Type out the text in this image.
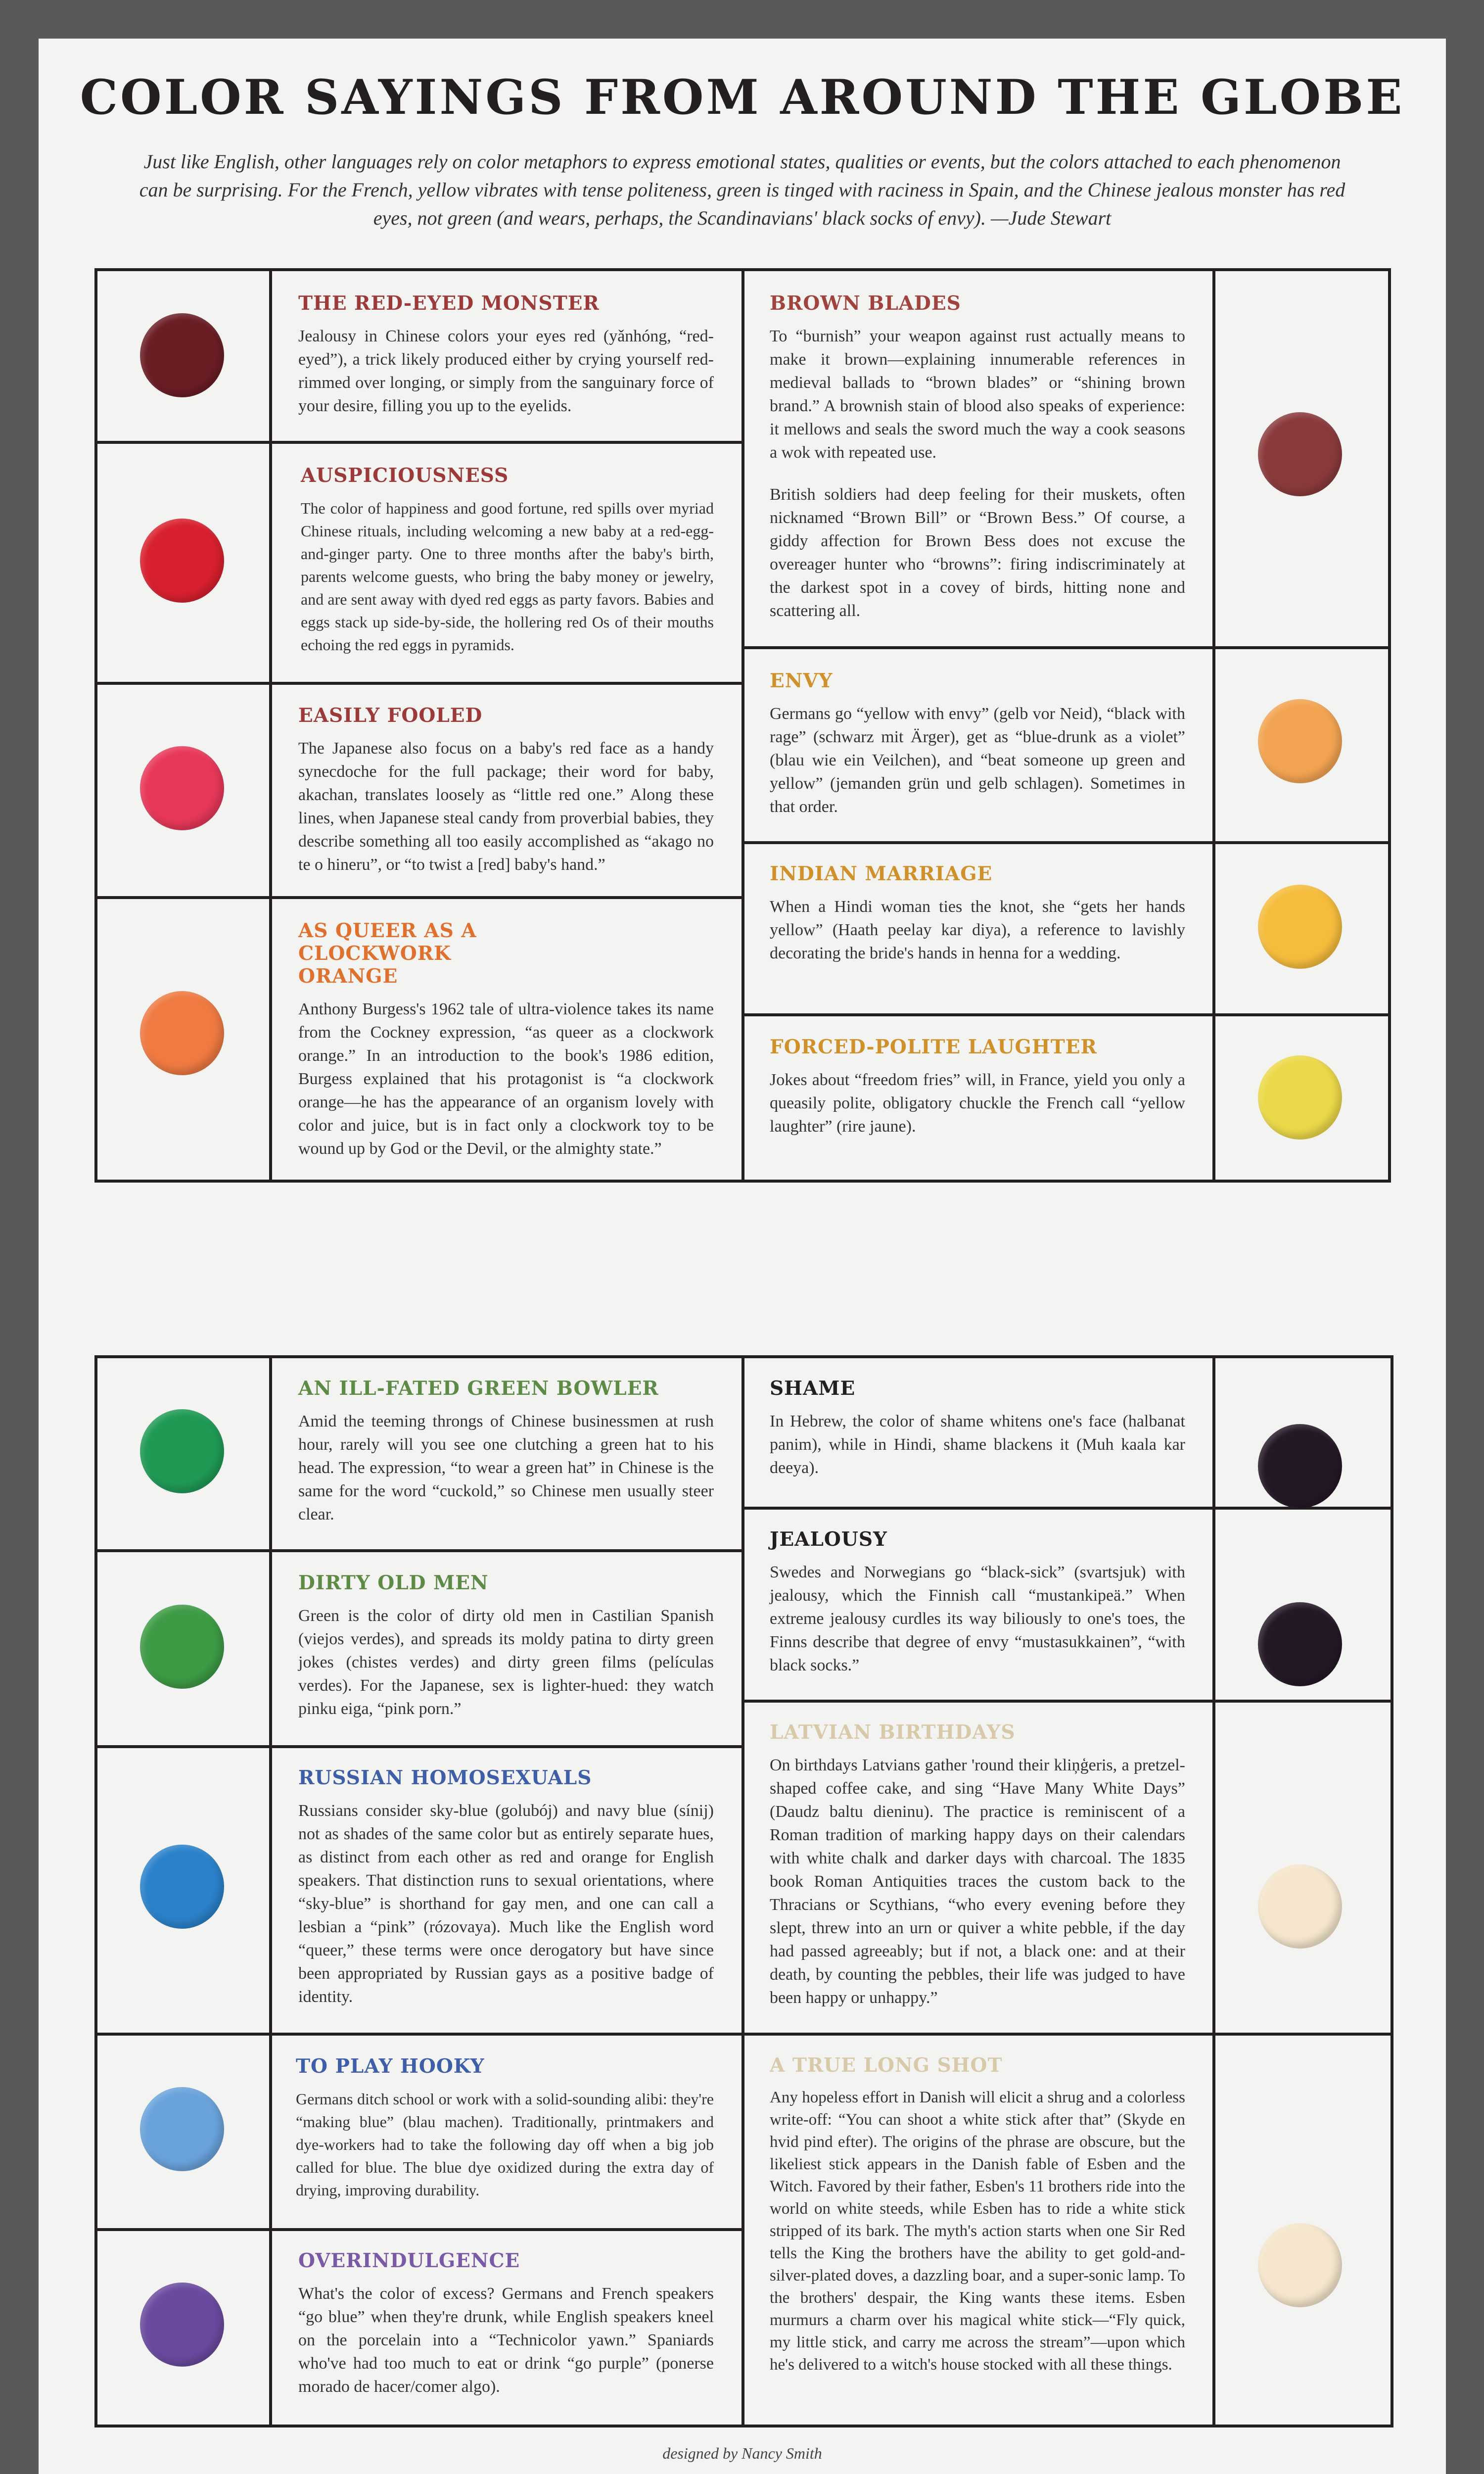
COLOR SAYINGS FROM AROUND THE GLOBE

Just like English, other languages rely on color metaphors to express emotional states, qualities or events, but the colors attached to each phenomenon can be surprising. For the French, yellow vibrates with tense politeness, green is tinged with raciness in Spain, and the Chinese jealous monster has red eyes, not green (and wears, perhaps, the Scandinavians' black socks of envy). —Jude Stewart

THE RED-EYED MONSTER

Jealousy in Chinese colors your eyes red (yǎnhóng, “red-eyed”), a trick likely produced either by crying yourself red-rimmed over longing, or simply from the sanguinary force of your desire, filling you up to the eyelids.

AUSPICIOUSNESS

The color of happiness and good fortune, red spills over myriad Chinese rituals, including welcoming a new baby at a red-egg-and-ginger party. One to three months after the baby's birth, parents welcome guests, who bring the baby money or jewelry, and are sent away with dyed red eggs as party favors. Babies and eggs stack up side-by-side, the hollering red Os of their mouths echoing the red eggs in pyramids.

EASILY FOOLED

The Japanese also focus on a baby's red face as a handy synecdoche for the full package; their word for baby, akachan, translates loosely as “little red one.” Along these lines, when Japanese steal candy from proverbial babies, they describe something all too easily accomplished as “akago no te o hineru”, or “to twist a [red] baby's hand.”

AS QUEER AS A CLOCKWORK ORANGE

Anthony Burgess's 1962 tale of ultra-violence takes its name from the Cockney expression, “as queer as a clockwork orange.” In an introduction to the book's 1986 edition, Burgess explained that his protagonist is “a clockwork orange—he has the appearance of an organism lovely with color and juice, but is in fact only a clockwork toy to be wound up by God or the Devil, or the almighty state.”

BROWN BLADES

To “burnish” your weapon against rust actually means to make it brown—explaining innumerable references in medieval ballads to “brown blades” or “shining brown brand.” A brownish stain of blood also speaks of experience: it mellows and seals the sword much the way a cook seasons a wok with repeated use.

British soldiers had deep feeling for their muskets, often nicknamed “Brown Bill” or “Brown Bess.” Of course, a giddy affection for Brown Bess does not excuse the overeager hunter who “browns”: firing indiscriminately at the darkest spot in a covey of birds, hitting none and scattering all.

ENVY

Germans go “yellow with envy” (gelb vor Neid), “black with rage” (schwarz mit Ärger), get as “blue-drunk as a violet” (blau wie ein Veilchen), and “beat someone up green and yellow” (jemanden grün und gelb schlagen). Sometimes in that order.

INDIAN MARRIAGE

When a Hindi woman ties the knot, she “gets her hands yellow” (Haath peelay kar diya), a reference to lavishly decorating the bride's hands in henna for a wedding.

FORCED-POLITE LAUGHTER

Jokes about “freedom fries” will, in France, yield you only a queasily polite, obligatory chuckle the French call “yellow laughter” (rire jaune).

AN ILL-FATED GREEN BOWLER

Amid the teeming throngs of Chinese businessmen at rush hour, rarely will you see one clutching a green hat to his head. The expression, “to wear a green hat” in Chinese is the same for the word “cuckold,” so Chinese men usually steer clear.

DIRTY OLD MEN

Green is the color of dirty old men in Castilian Spanish (viejos verdes), and spreads its moldy patina to dirty green jokes (chistes verdes) and dirty green films (películas verdes). For the Japanese, sex is lighter-hued: they watch pinku eiga, “pink porn.”

RUSSIAN HOMOSEXUALS

Russians consider sky-blue (golubój) and navy blue (sínij) not as shades of the same color but as entirely separate hues, as distinct from each other as red and orange for English speakers. That distinction runs to sexual orientations, where “sky-blue” is shorthand for gay men, and one can call a lesbian a “pink” (rózovaya). Much like the English word “queer,” these terms were once derogatory but have since been appropriated by Russian gays as a positive badge of identity.

TO PLAY HOOKY

Germans ditch school or work with a solid-sounding alibi: they're “making blue” (blau machen). Traditionally, printmakers and dye-workers had to take the following day off when a big job called for blue. The blue dye oxidized during the extra day of drying, improving durability.

OVERINDULGENCE

What's the color of excess? Germans and French speakers “go blue” when they're drunk, while English speakers kneel on the porcelain into a “Technicolor yawn.” Spaniards who've had too much to eat or drink “go purple” (ponerse morado de hacer/comer algo).

SHAME

In Hebrew, the color of shame whitens one's face (halbanat panim), while in Hindi, shame blackens it (Muh kaala kar deeya).

JEALOUSY

Swedes and Norwegians go “black-sick” (svartsjuk) with jealousy, which the Finnish call “mustankipeä.” When extreme jealousy curdles its way biliously to one's toes, the Finns describe that degree of envy “mustasukkainen”, “with black socks.”

LATVIAN BIRTHDAYS

On birthdays Latvians gather 'round their kliņģeris, a pretzel-shaped coffee cake, and sing “Have Many White Days” (Daudz baltu dieninu). The practice is reminiscent of a Roman tradition of marking happy days on their calendars with white chalk and darker days with charcoal. The 1835 book Roman Antiquities traces the custom back to the Thracians or Scythians, “who every evening before they slept, threw into an urn or quiver a white pebble, if the day had passed agreeably; but if not, a black one: and at their death, by counting the pebbles, their life was judged to have been happy or unhappy.”

A TRUE LONG SHOT

Any hopeless effort in Danish will elicit a shrug and a colorless write-off: “You can shoot a white stick after that” (Skyde en hvid pind efter). The origins of the phrase are obscure, but the likeliest stick appears in the Danish fable of Esben and the Witch. Favored by their father, Esben's 11 brothers ride into the world on white steeds, while Esben has to ride a white stick stripped of its bark. The myth's action starts when one Sir Red tells the King the brothers have the ability to get gold-and-silver-plated doves, a dazzling boar, and a super-sonic lamp. To the brothers' despair, the King wants these items. Esben murmurs a charm over his magical white stick—“Fly quick, my little stick, and carry me across the stream”—upon which he's delivered to a witch's house stocked with all these things.

designed by Nancy Smith
